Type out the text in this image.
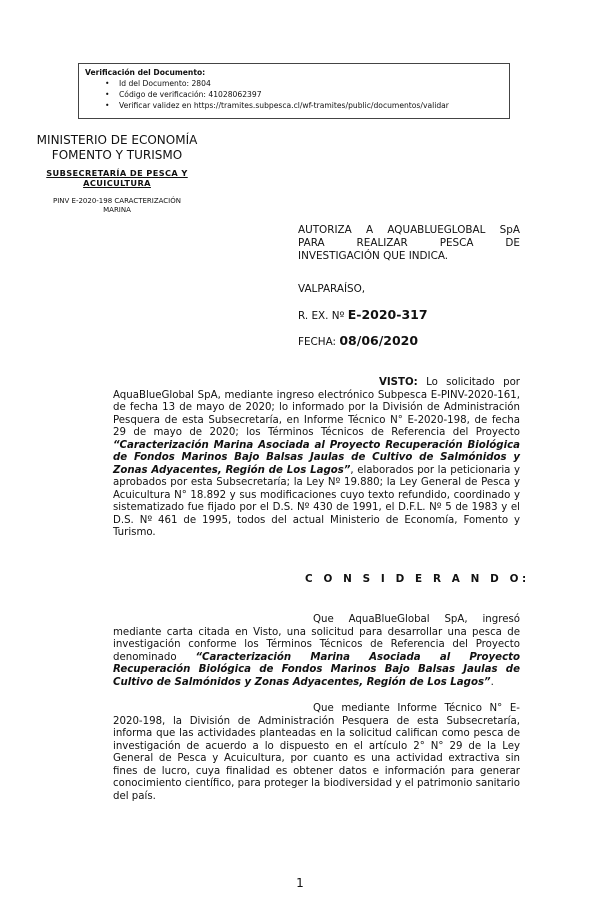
Verificación del Documento:
• Id del Documento: 2804
• Código de verificación: 41028062397
• Verificar validez en https://tramites.subpesca.cl/wf-tramites/public/documentos/validar
MINISTERIO DE ECONOMÍA
FOMENTO Y TURISMO
SUBSECRETARÍA DE PESCA Y
ACUICULTURA
PINV E-2020-198 CARACTERIZACIÓN
MARINA
AUTORIZA A AQUABLUEGLOBAL SpA
PARA REALIZAR PESCA DE
INVESTIGACIÓN QUE INDICA.
VALPARAÍSO,
R. EX. Nº E-2020-317
FECHA: 08/06/2020
VISTO: Lo solicitado por AquaBlueGlobal SpA, mediante ingreso electrónico Subpesca E-PINV-2020-161, de fecha 13 de mayo de 2020; lo informado por la División de Administración Pesquera de esta Subsecretaría, en Informe Técnico N° E-2020-198, de fecha 29 de mayo de 2020; los Términos Técnicos de Referencia del Proyecto “Caracterización Marina Asociada al Proyecto Recuperación Biológica de Fondos Marinos Bajo Balsas Jaulas de Cultivo de Salmónidos y Zonas Adyacentes, Región de Los Lagos”, elaborados por la peticionaria y aprobados por esta Subsecretaría; la Ley Nº 19.880; la Ley General de Pesca y Acuicultura N° 18.892 y sus modificaciones cuyo texto refundido, coordinado y sistematizado fue fijado por el D.S. Nº 430 de 1991, el D.F.L. Nº 5 de 1983 y el D.S. Nº 461 de 1995, todos del actual Ministerio de Economía, Fomento y Turismo.
C O N S I D E R A N D O:
Que AquaBlueGlobal SpA, ingresó mediante carta citada en Visto, una solicitud para desarrollar una pesca de investigación conforme los Términos Técnicos de Referencia del Proyecto denominado “Caracterización Marina Asociada al Proyecto Recuperación Biológica de Fondos Marinos Bajo Balsas Jaulas de Cultivo de Salmónidos y Zonas Adyacentes, Región de Los Lagos”.
Que mediante Informe Técnico N° E-2020-198, la División de Administración Pesquera de esta Subsecretaría, informa que las actividades planteadas en la solicitud califican como pesca de investigación de acuerdo a lo dispuesto en el artículo 2° N° 29 de la Ley General de Pesca y Acuicultura, por cuanto es una actividad extractiva sin fines de lucro, cuya finalidad es obtener datos e información para generar conocimiento científico, para proteger la biodiversidad y el patrimonio sanitario del país.
1
